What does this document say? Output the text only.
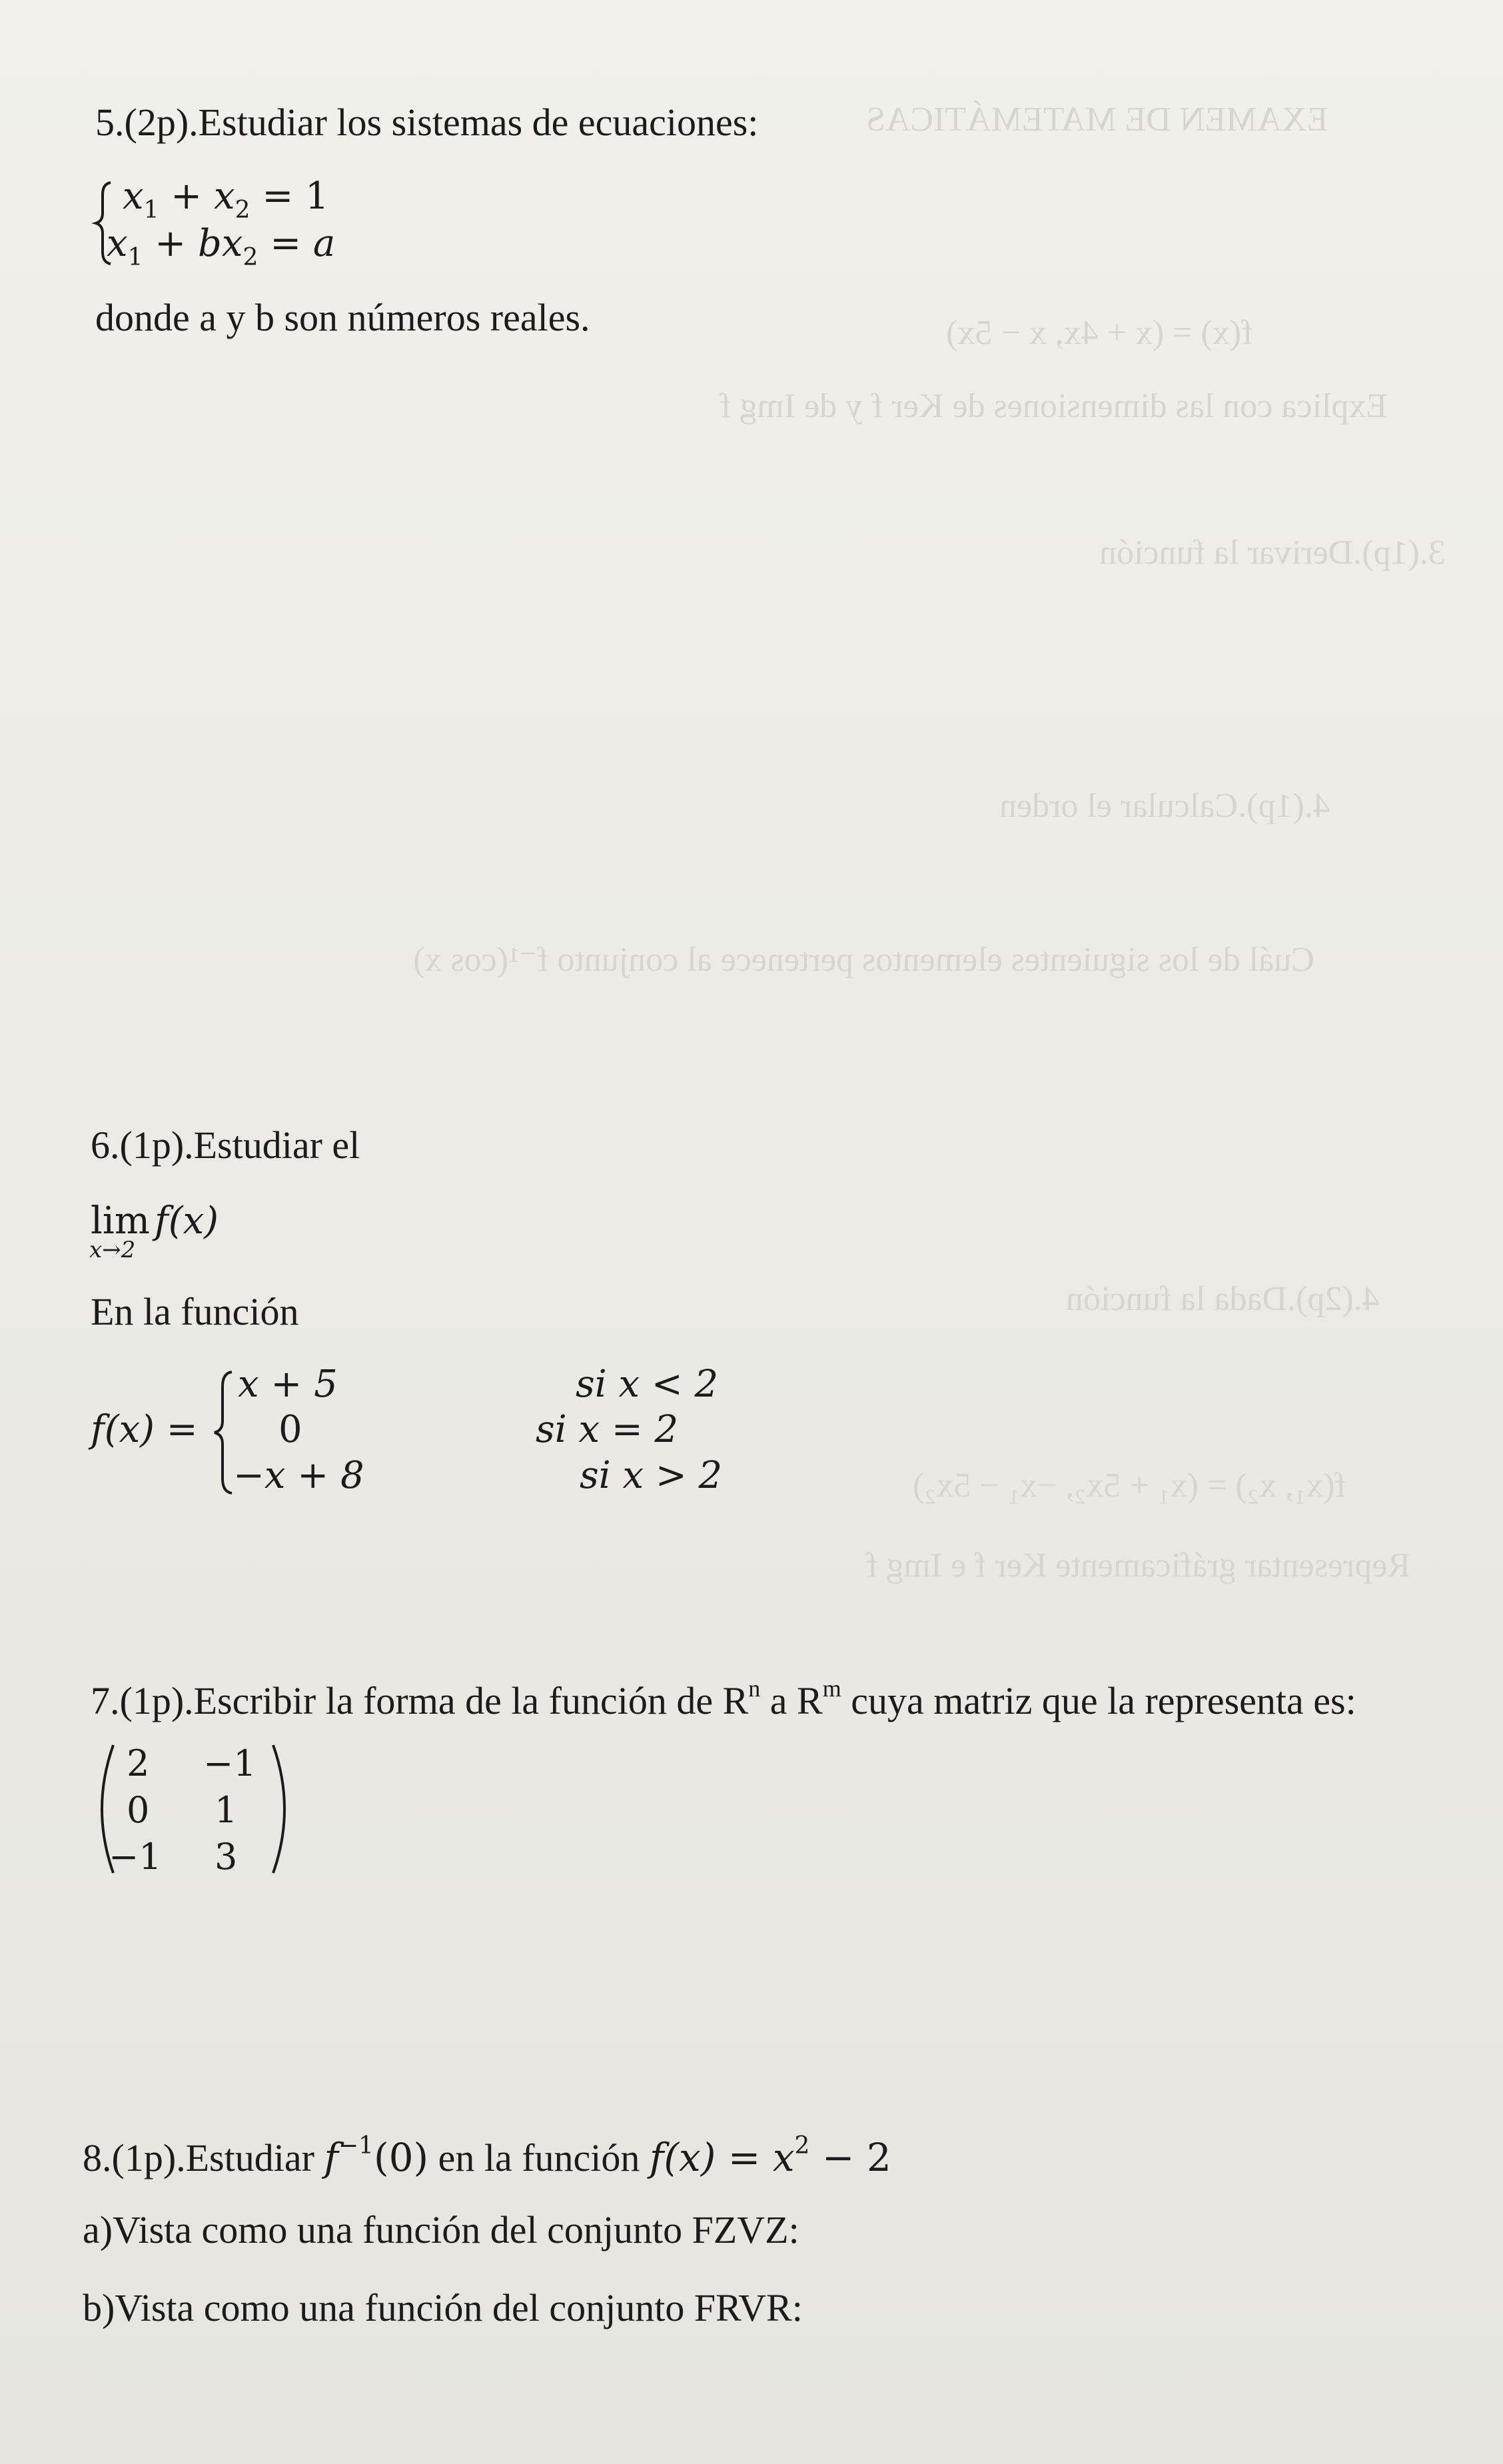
EXAMEN DE MATEMÁTICAS
f(x) = (x + 4x, x − 5x)
Explica con las dimensiones de Ker f y de Img f
3.(1p).Derivar la función
4.(1p).Calcular el orden
Cuál de los siguientes elementos pertenece al conjunto f⁻¹(cos x)
4.(2p).Dada la función
f(x₁, x₂) = (x₁ + 5x₂, −x₁ − 5x₂)
Representar gráficamente Ker f e Img f
5.(2p).Estudiar los sistemas de ecuaciones:
$x_1 + x_2 = 1$
$x_1 + bx_2 = a$
donde a y b son números reales.
6.(1p).Estudiar el
lim
x→2
f(x)
En la función
f(x) =
x + 5
0
−x + 8
si x < 2
si x = 2
si x > 2
7.(1p).Escribir la forma de la función de $R^n$ a $R^m$ cuya matriz que la representa es:
2 −1
0 1
−1 3
8.(1p).Estudiar $f^{-1}(0)$ en la función $f(x) = x^2 - 2$
a)Vista como una función del conjunto FZVZ:
b)Vista como una función del conjunto FRVR:
